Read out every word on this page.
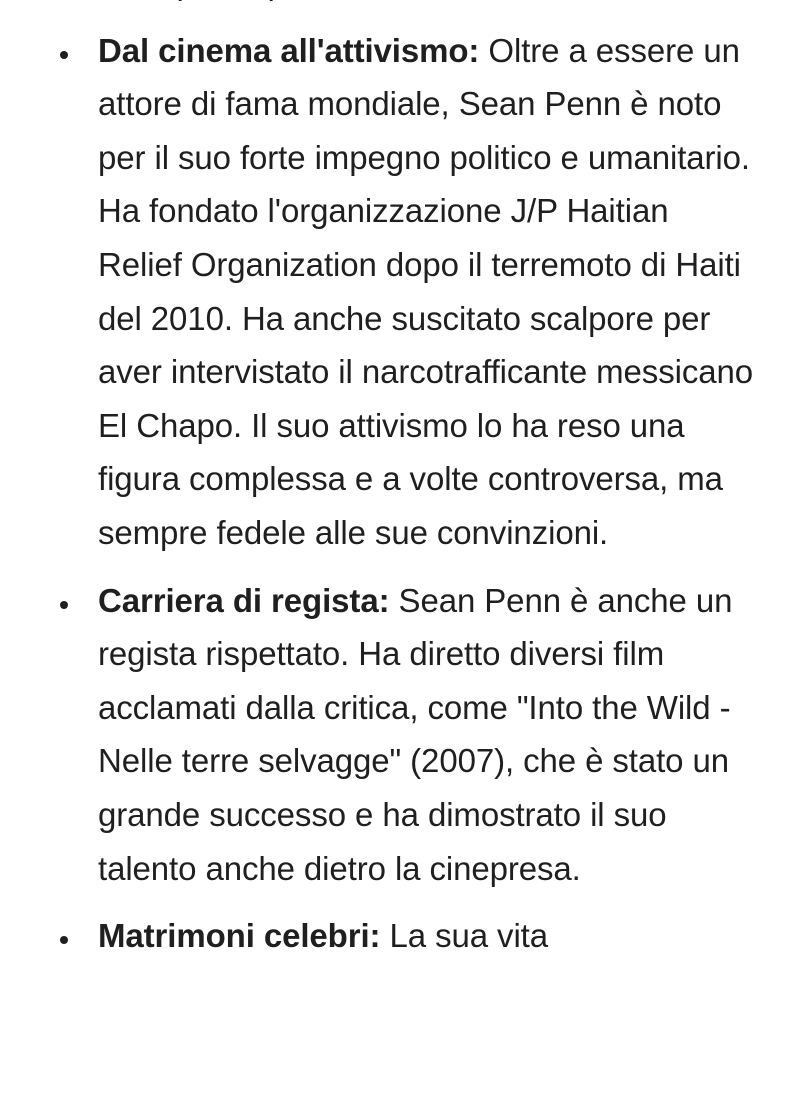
Dal cinema all'attivismo: Oltre a essere un attore di fama mondiale, Sean Penn è noto per il suo forte impegno politico e umanitario. Ha fondato l'organizzazione J/P Haitian Relief Organization dopo il terremoto di Haiti del 2010. Ha anche suscitato scalpore per aver intervistato il narcotrafficante messicano El Chapo. Il suo attivismo lo ha reso una figura complessa e a volte controversa, ma sempre fedele alle sue convinzioni.
Carriera di regista: Sean Penn è anche un regista rispettato. Ha diretto diversi film acclamati dalla critica, come "Into the Wild - Nelle terre selvagge" (2007), che è stato un grande successo e ha dimostrato il suo talento anche dietro la cinepresa.
Matrimoni celebri: La sua vita
